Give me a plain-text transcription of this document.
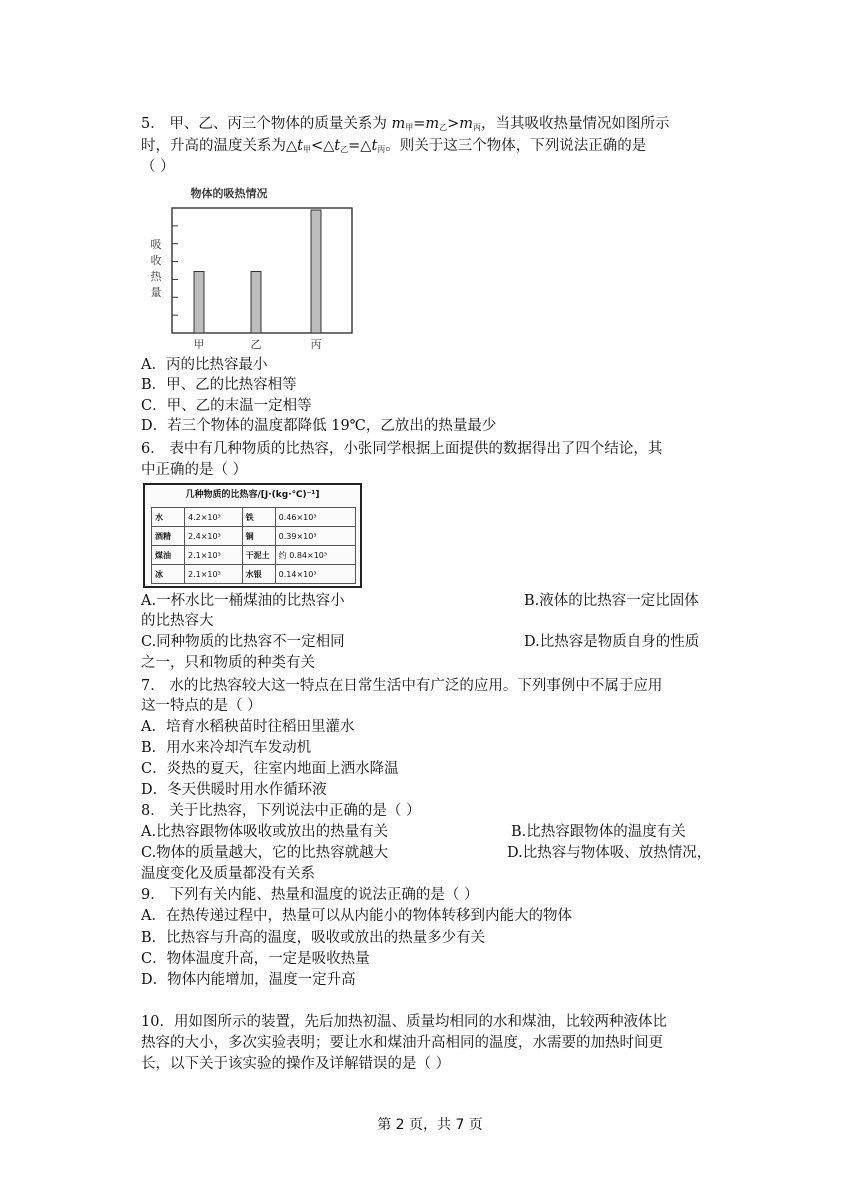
5． 甲、乙、丙三个物体的质量关系为 $m_甲=m_乙>m_丙$，当其吸收热量情况如图所示
时，升高的温度关系为$\triangle t_甲<\triangle t_乙=\triangle t_丙$。则关于这三个物体，下列说法正确的是
（ ）
物体的吸热情况
吸
收
热
量
甲	乙	丙
A．丙的比热容最小
B．甲、乙的比热容相等
C．甲、乙的末温一定相等
D．若三个物体的温度都降低 19℃，乙放出的热量最少
6． 表中有几种物质的比热容，小张同学根据上面提供的数据得出了四个结论，其
中正确的是（ ）
几种物质的比热容/[J·(kg·℃)⁻¹]
水	4.2×10³	铁	0.46×10³
酒精	2.4×10³	铜	0.39×10³
煤油	2.1×10³	干泥土	约 0.84×10³
冰	2.1×10³	水银	0.14×10³
A.一杯水比一桶煤油的比热容小	B.液体的比热容一定比固体
的比热容大
C.同种物质的比热容不一定相同	D.比热容是物质自身的性质
之一，只和物质的种类有关
7． 水的比热容较大这一特点在日常生活中有广泛的应用。下列事例中不属于应用
这一特点的是（ ）
A．培育水稻秧苗时往稻田里灌水
B．用水来冷却汽车发动机
C．炎热的夏天，往室内地面上洒水降温
D．冬天供暖时用水作循环液
8． 关于比热容，下列说法中正确的是（ ）
A.比热容跟物体吸收或放出的热量有关	B.比热容跟物体的温度有关
C.物体的质量越大，它的比热容就越大	D.比热容与物体吸、放热情况，
温度变化及质量都没有关系
9． 下列有关内能、热量和温度的说法正确的是（ ）
A．在热传递过程中，热量可以从内能小的物体转移到内能大的物体
B．比热容与升高的温度，吸收或放出的热量多少有关
C．物体温度升高，一定是吸收热量
D．物体内能增加，温度一定升高
10．用如图所示的装置，先后加热初温、质量均相同的水和煤油，比较两种液体比
热容的大小，多次实验表明；要让水和煤油升高相同的温度，水需要的加热时间更
长，以下关于该实验的操作及详解错误的是（ ）
第 2 页，共 7 页
